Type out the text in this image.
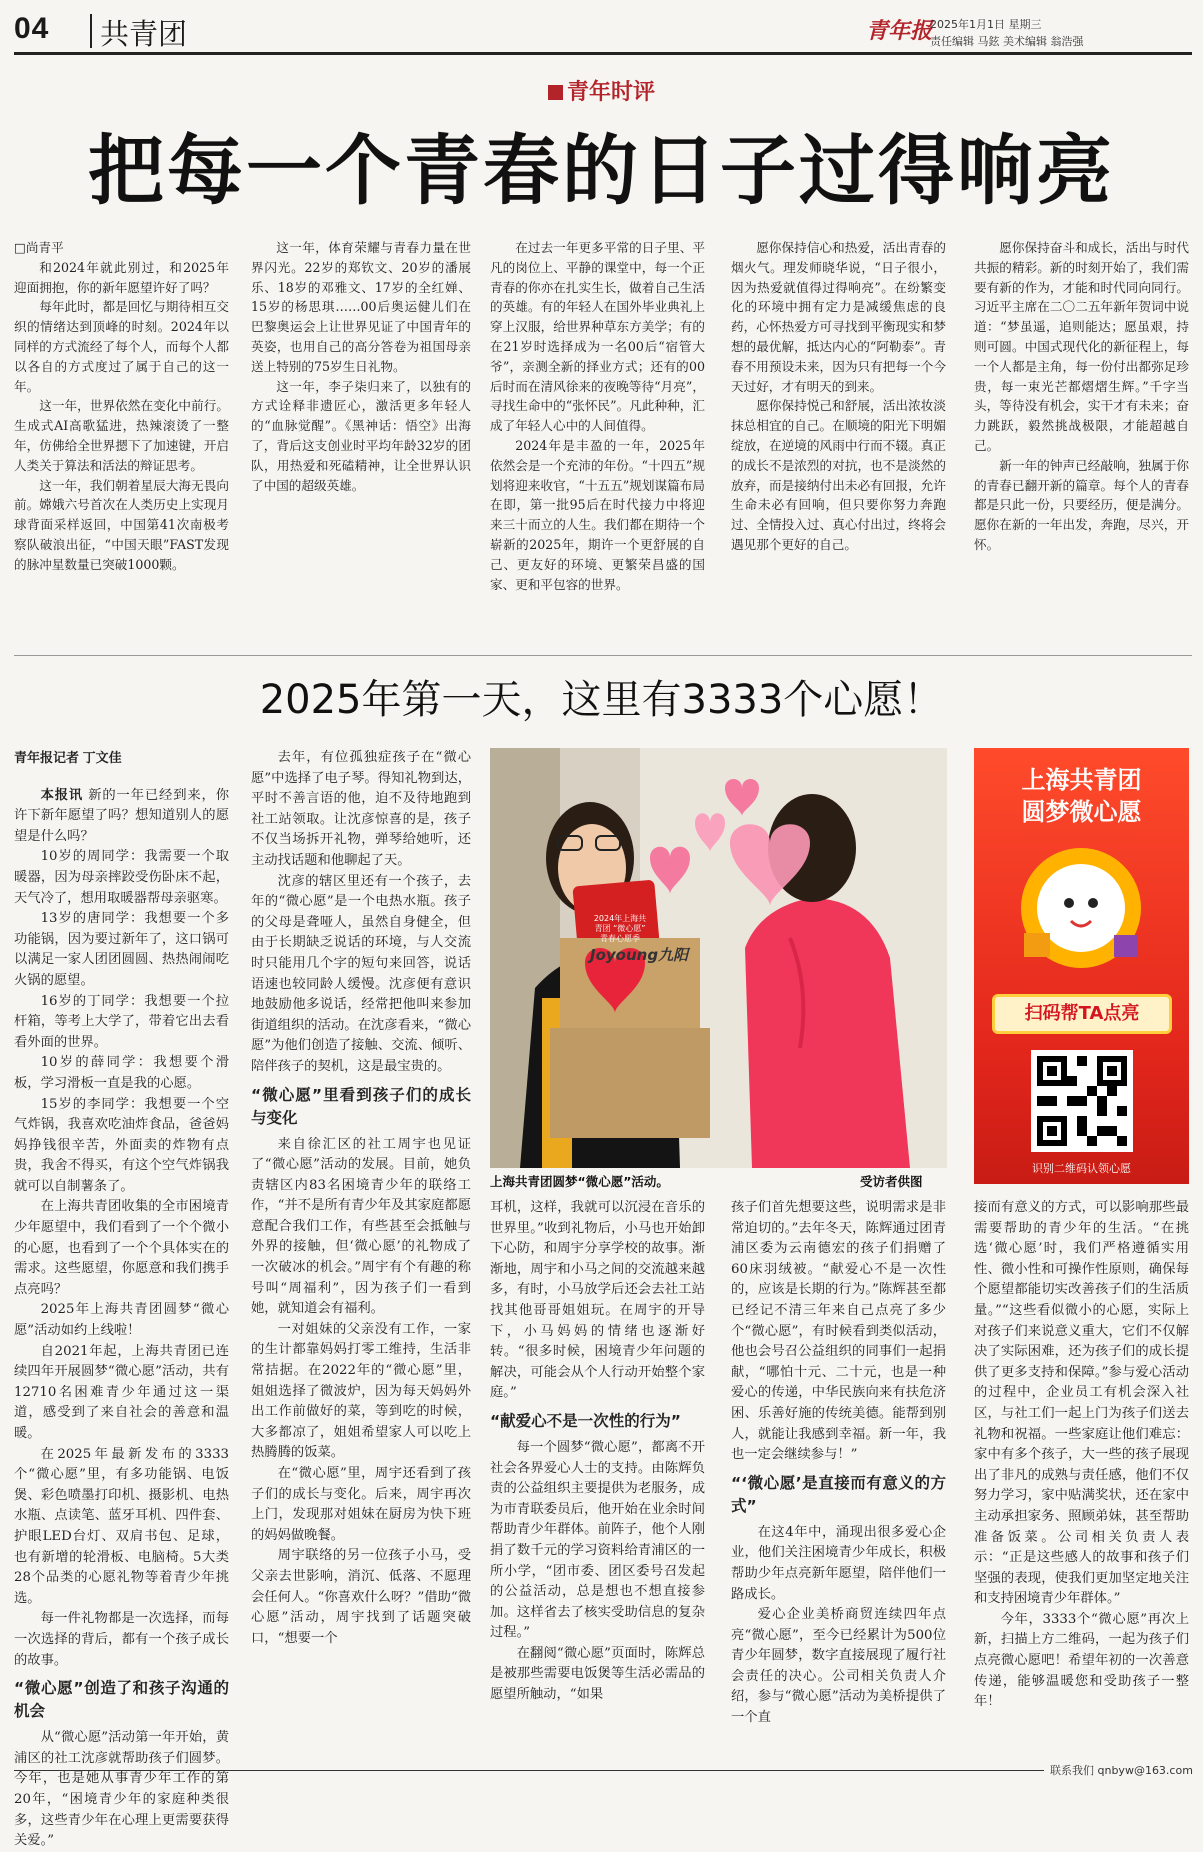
04 共青团	青年报
2025年1月1日 星期三
责任编辑 马鉉 美术编辑 翁浩强
青年时评
把每一个青春的日子过得响亮

□尚青平

和2024年就此别过，和2025年迎面拥抱，你的新年愿望许好了吗？

每年此时，都是回忆与期待相互交织的情绪达到顶峰的时刻。2024年以同样的方式流经了每个人，而每个人都以各自的方式度过了属于自己的这一年。

这一年，世界依然在变化中前行。生成式AI高歌猛进，热辣滚烫了一整年，仿佛给全世界摁下了加速键，开启人类关于算法和活法的辩证思考。

这一年，我们朝着星辰大海无畏向前。嫦娥六号首次在人类历史上实现月球背面采样返回，中国第41次南极考察队破浪出征，“中国天眼”FAST发现的脉冲星数量已突破1000颗。

这一年，体育荣耀与青春力量在世界闪光。22岁的郑钦文、20岁的潘展乐、18岁的邓雅文、17岁的全红婵、15岁的杨思琪……00后奥运健儿们在巴黎奥运会上让世界见证了中国青年的英姿，也用自己的高分答卷为祖国母亲送上特别的75岁生日礼物。

这一年，李子柒归来了，以独有的方式诠释非遗匠心，激活更多年轻人的“血脉觉醒”。《黑神话：悟空》出海了，背后这支创业时平均年龄32岁的团队，用热爱和死磕精神，让全世界认识了中国的超级英雄。

在过去一年更多平常的日子里、平凡的岗位上、平静的课堂中，每一个正青春的你亦在扎实生长，做着自己生活的英雄。有的年轻人在国外毕业典礼上穿上汉服，给世界种草东方美学；有的在21岁时选择成为一名00后“宿管大爷”，亲测全新的择业方式；还有的00后时而在清风徐来的夜晚等待“月亮”，寻找生命中的“张怀民”。凡此种种，汇成了年轻人心中的人间值得。

2024年是丰盈的一年，2025年依然会是一个充沛的年份。“十四五”规划将迎来收官，“十五五”规划谋篇布局在即，第一批95后在时代接力中将迎来三十而立的人生。我们都在期待一个崭新的2025年，期许一个更舒展的自己、更友好的环境、更繁荣昌盛的国家、更和平包容的世界。

愿你保持信心和热爱，活出青春的烟火气。理发师晓华说，“日子很小，因为热爱就值得过得响亮”。在纷繁变化的环境中拥有定力是减缓焦虑的良药，心怀热爱方可寻找到平衡现实和梦想的最优解，抵达内心的“阿勒泰”。青春不用预设未来，因为只有把每一个今天过好，才有明天的到来。

愿你保持悦己和舒展，活出浓妆淡抹总相宜的自己。在顺境的阳光下明媚绽放，在逆境的风雨中行而不辍。真正的成长不是浓烈的对抗，也不是淡然的放弃，而是接纳付出未必有回报，允许生命未必有回响，但只要你努力奔跑过、全情投入过、真心付出过，终将会遇见那个更好的自己。

愿你保持奋斗和成长，活出与时代共振的精彩。新的时刻开始了，我们需要有新的作为，才能和时代同向同行。习近平主席在二〇二五年新年贺词中说道：“梦虽遥，追则能达；愿虽艰，持则可圆。中国式现代化的新征程上，每一个人都是主角，每一份付出都弥足珍贵，每一束光芒都熠熠生辉。”千字当头，等待没有机会，实干才有未来；奋力跳跃，毅然挑战极限，才能超越自己。

新一年的钟声已经敲响，独属于你的青春已翻开新的篇章。每个人的青春都是只此一份，只要经历，便是满分。愿你在新的一年出发，奔跑，尽兴，开怀。

2025年第一天，这里有3333个心愿！

青年报记者 丁文佳

本报讯 新的一年已经到来，你许下新年愿望了吗？想知道别人的愿望是什么吗？

10岁的周同学：我需要一个取暖器，因为母亲摔跤受伤卧床不起，天气冷了，想用取暖器帮母亲驱寒。

13岁的唐同学：我想要一个多功能锅，因为要过新年了，这口锅可以满足一家人团团圆圆、热热闹闹吃火锅的愿望。

16岁的丁同学：我想要一个拉杆箱，等考上大学了，带着它出去看看外面的世界。

10岁的薛同学：我想要个滑板，学习滑板一直是我的心愿。

15岁的李同学：我想要一个空气炸锅，我喜欢吃油炸食品，爸爸妈妈挣钱很辛苦，外面卖的炸物有点贵，我舍不得买，有这个空气炸锅我就可以自制薯条了。

在上海共青团收集的全市困境青少年愿望中，我们看到了一个个微小的心愿，也看到了一个个具体实在的需求。这些愿望，你愿意和我们携手点亮吗？

2025年上海共青团圆梦“微心愿”活动如约上线啦！

自2021年起，上海共青团已连续四年开展圆梦“微心愿”活动，共有12710名困难青少年通过这一渠道，感受到了来自社会的善意和温暖。

在2025年最新发布的3333个“微心愿”里，有多功能锅、电饭煲、彩色喷墨打印机、摄影机、电热水瓶、点读笔、蓝牙耳机、四件套、护眼LED台灯、双肩书包、足球，也有新增的轮滑板、电脑椅。5大类28个品类的心愿礼物等着青少年挑选。

每一件礼物都是一次选择，而每一次选择的背后，都有一个孩子成长的故事。

“微心愿”创造了和孩子沟通的机会

从“微心愿”活动第一年开始，黄浦区的社工沈彦就帮助孩子们圆梦。今年，也是她从事青少年工作的第20年，“困境青少年的家庭种类很多，这些青少年在心理上更需要获得关爱。”

去年，有位孤独症孩子在“微心愿”中选择了电子琴。得知礼物到达，平时不善言语的他，迫不及待地跑到社工站领取。让沈彦惊喜的是，孩子不仅当场拆开礼物，弹琴给她听，还主动找话题和他聊起了天。

沈彦的辖区里还有一个孩子，去年的“微心愿”是一个电热水瓶。孩子的父母是聋哑人，虽然自身健全，但由于长期缺乏说话的环境，与人交流时只能用几个字的短句来回答，说话语速也较同龄人缓慢。沈彦便有意识地鼓励他多说话，经常把他叫来参加街道组织的活动。在沈彦看来，“微心愿”为他们创造了接触、交流、倾听、陪伴孩子的契机，这是最宝贵的。

“微心愿”里看到孩子们的成长与变化

来自徐汇区的社工周宇也见证了“微心愿”活动的发展。目前，她负责辖区内83名困境青少年的联络工作，“并不是所有青少年及其家庭都愿意配合我们工作，有些甚至会抵触与外界的接触，但‘微心愿’的礼物成了一次破冰的机会。”周宇有个有趣的称号叫“周福利”，因为孩子们一看到她，就知道会有福利。

一对姐妹的父亲没有工作，一家的生计都靠妈妈打零工维持，生活非常拮据。在2022年的“微心愿”里，姐姐选择了微波炉，因为每天妈妈外出工作前做好的菜，等到吃的时候，大多都凉了，姐姐希望家人可以吃上热腾腾的饭菜。

在“微心愿”里，周宇还看到了孩子们的成长与变化。后来，周宇再次上门，发现那对姐妹在厨房为快下班的妈妈做晚餐。

周宇联络的另一位孩子小马，受父亲去世影响，消沉、低落、不愿理会任何人。“你喜欢什么呀？”借助“微心愿”活动，周宇找到了话题突破口，“想要一个

2024年上海共青团 “微心愿” 青春心愿季
Joyoung九阳
上海共青团圆梦“微心愿”活动。	受访者供图
上海共青团
圆梦微心愿
扫码帮TA点亮
识别二维码认领心愿

耳机，这样，我就可以沉浸在音乐的世界里。”收到礼物后，小马也开始卸下心防，和周宇分享学校的故事。渐渐地，周宇和小马之间的交流越来越多，有时，小马放学后还会去社工站找其他哥哥姐姐玩。在周宇的开导下，小马妈妈的情绪也逐渐好转。“很多时候，困境青少年问题的解决，可能会从个人行动开始整个家庭。”

“献爱心不是一次性的行为”

每一个圆梦“微心愿”，都离不开社会各界爱心人士的支持。由陈辉负责的公益组织主要提供为老服务，成为市青联委员后，他开始在业余时间帮助青少年群体。前阵子，他个人刚捐了数千元的学习资料给青浦区的一所小学，“团市委、团区委号召发起的公益活动，总是想也不想直接参加。这样省去了核实受助信息的复杂过程。”

在翻阅“微心愿”页面时，陈辉总是被那些需要电饭煲等生活必需品的愿望所触动，“如果

孩子们首先想要这些，说明需求是非常迫切的。”去年冬天，陈辉通过团青浦区委为云南德宏的孩子们捐赠了60床羽绒被。“献爱心不是一次性的，应该是长期的行为。”陈辉甚至都已经记不清三年来自己点亮了多少个“微心愿”，有时候看到类似活动，他也会号召公益组织的同事们一起捐献，“哪怕十元、二十元，也是一种爱心的传递，中华民族向来有扶危济困、乐善好施的传统美德。能帮到别人，就能让我感到幸福。新一年，我也一定会继续参与！”

“‘微心愿’是直接而有意义的方式”

在这4年中，涌现出很多爱心企业，他们关注困境青少年成长，积极帮助少年点亮新年愿望，陪伴他们一路成长。

爱心企业美桥商贸连续四年点亮“微心愿”，至今已经累计为500位青少年圆梦，数字直接展现了履行社会责任的决心。公司相关负责人介绍，参与“微心愿”活动为美桥提供了一个直

接而有意义的方式，可以影响那些最需要帮助的青少年的生活。“在挑选‘微心愿’时，我们严格遵循实用性、微小性和可操作性原则，确保每个愿望都能切实改善孩子们的生活质量。”“这些看似微小的心愿，实际上对孩子们来说意义重大，它们不仅解决了实际困难，还为孩子们的成长提供了更多支持和保障。”参与爱心活动的过程中，企业员工有机会深入社区，与社工们一起上门为孩子们送去礼物和祝福。一些家庭让他们难忘：家中有多个孩子，大一些的孩子展现出了非凡的成熟与责任感，他们不仅努力学习，家中贴满奖状，还在家中主动承担家务、照顾弟妹，甚至帮助准备饭菜。公司相关负责人表示：“正是这些感人的故事和孩子们坚强的表现，使我们更加坚定地关注和支持困境青少年群体。”

今年，3333个“微心愿”再次上新，扫描上方二维码，一起为孩子们点亮微心愿吧！希望年初的一次善意传递，能够温暖您和受助孩子一整年！

联系我们 qnbyw@163.com
